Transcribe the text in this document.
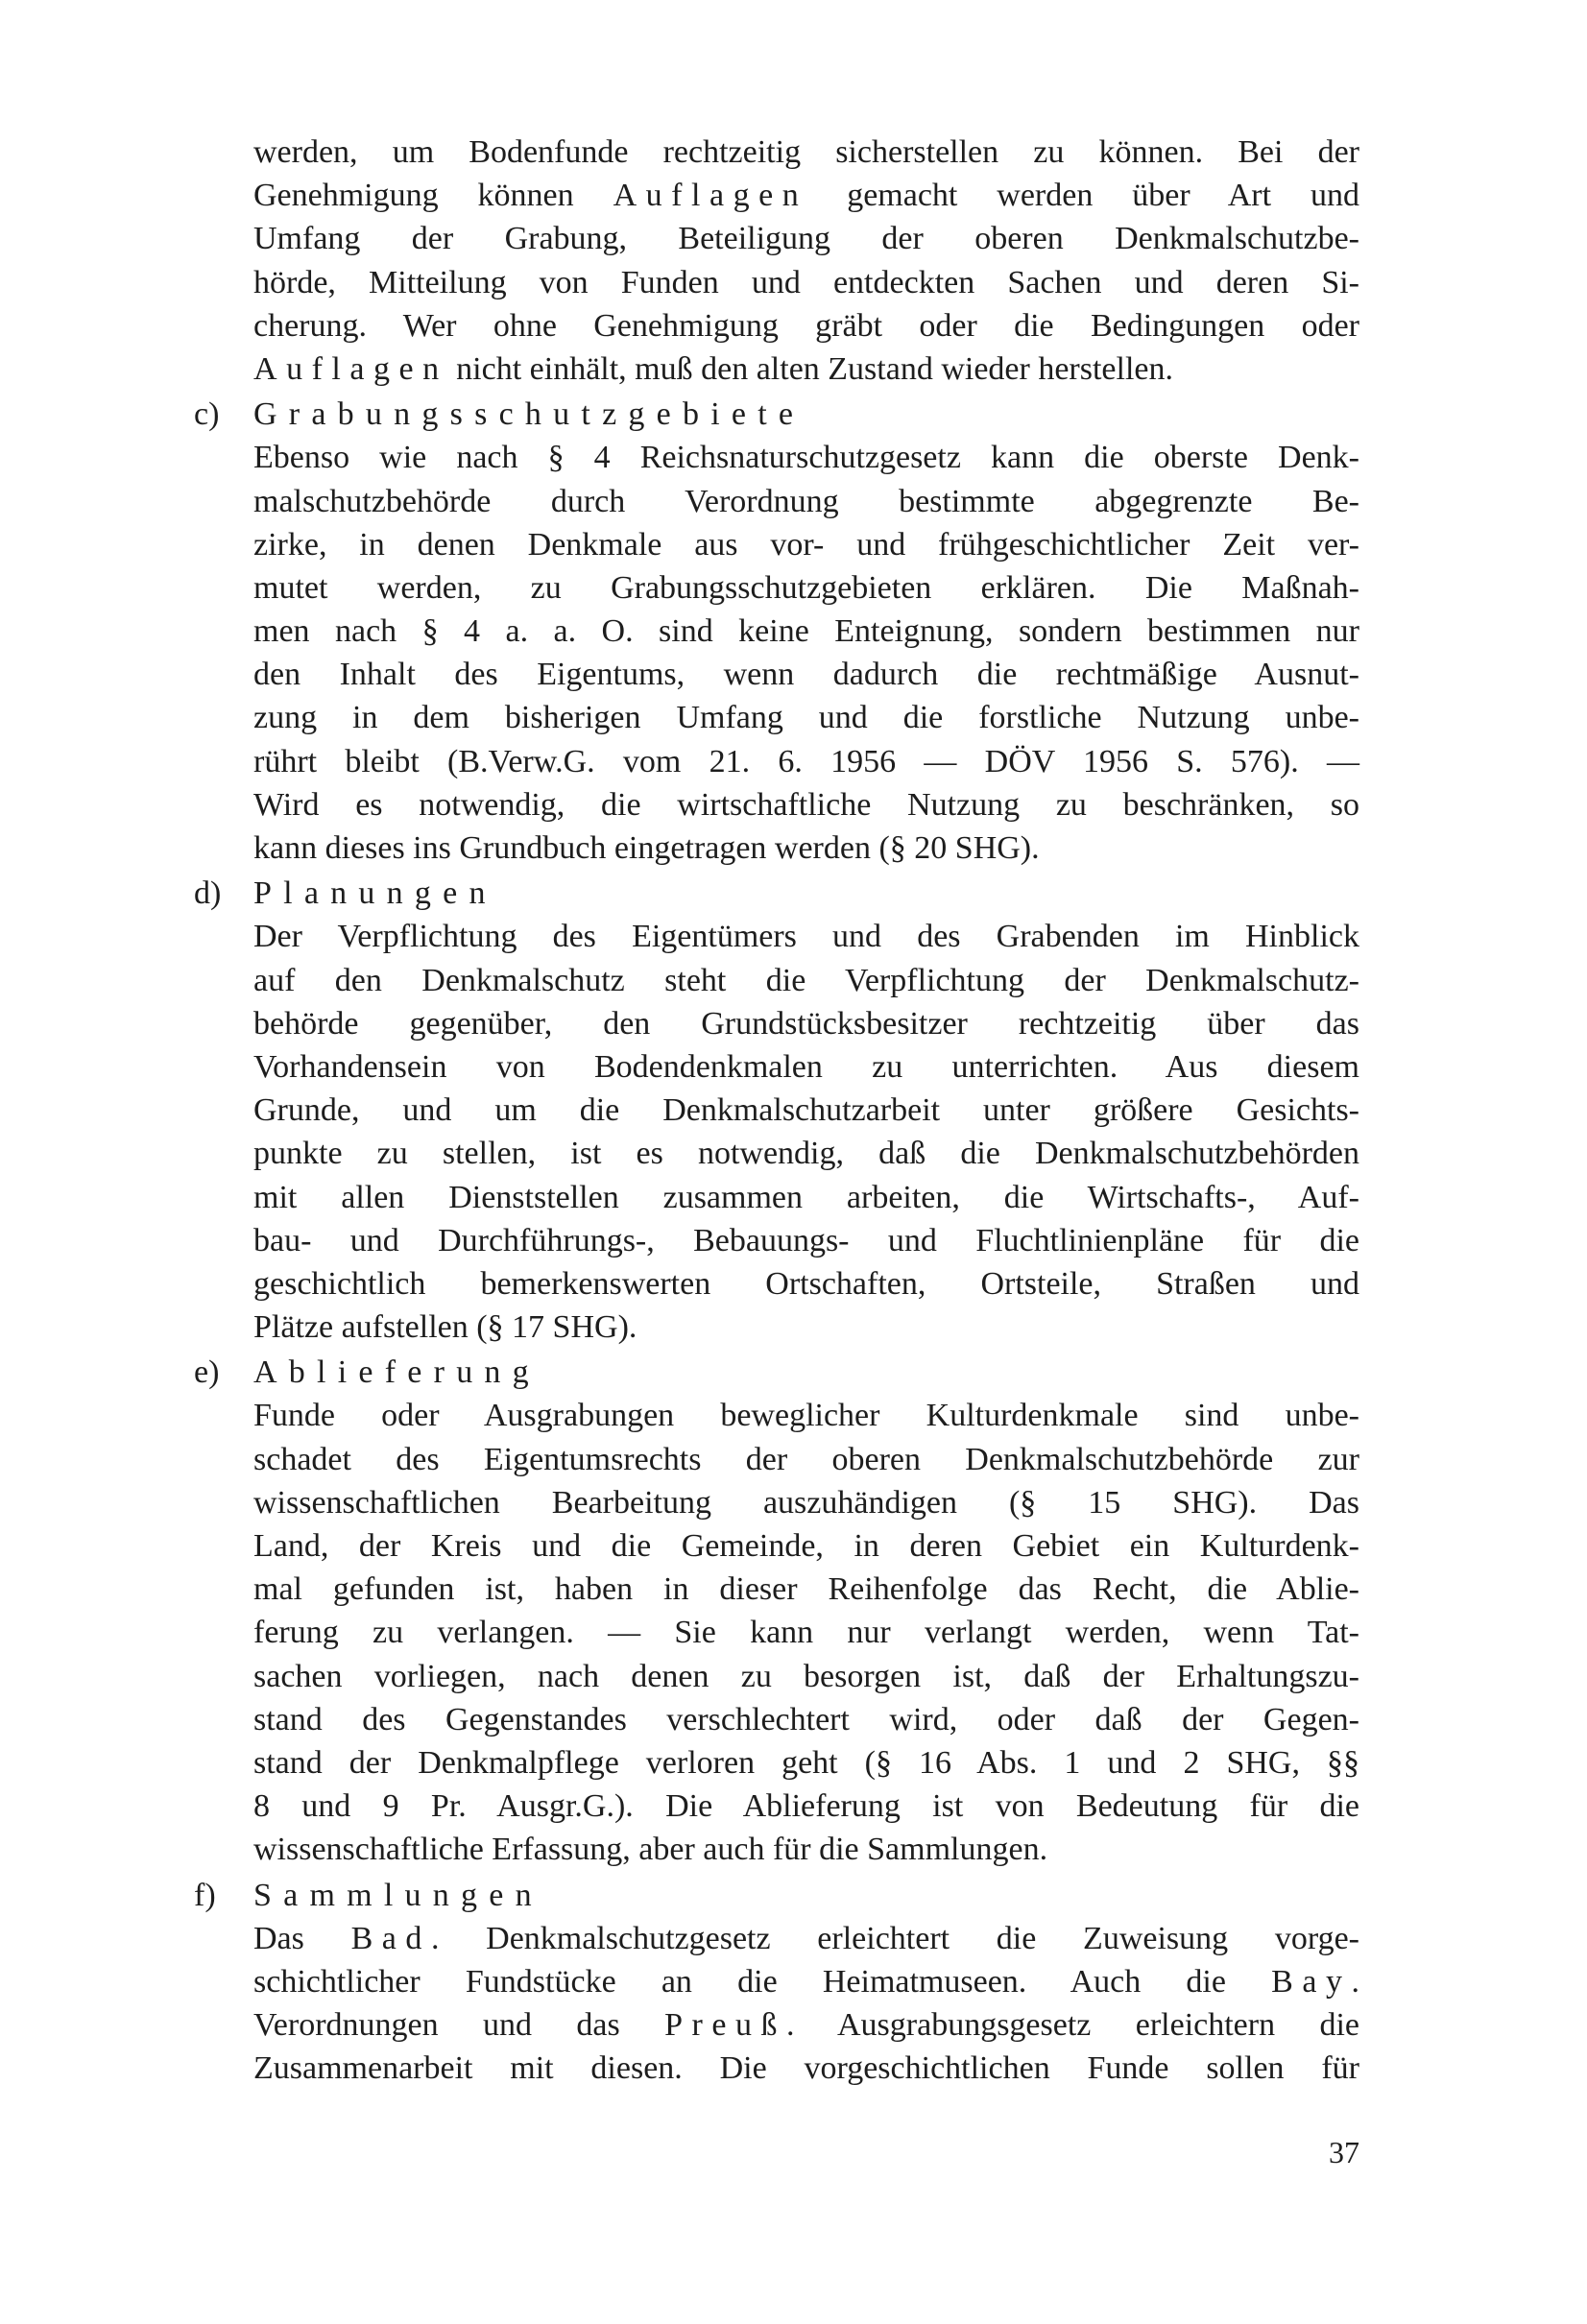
werden, um Bodenfunde rechtzeitig sicherstellen zu können. Bei der
Genehmigung können Auflagen gemacht werden über Art und
Umfang der Grabung, Beteiligung der oberen Denkmalschutzbe-
hörde, Mitteilung von Funden und entdeckten Sachen und deren Si-
cherung. Wer ohne Genehmigung gräbt oder die Bedingungen oder
Auflagen nicht einhält, muß den alten Zustand wieder herstellen.
c)	Grabungsschutzgebiete
Ebenso wie nach § 4 Reichsnaturschutzgesetz kann die oberste Denk-
malschutzbehörde durch Verordnung bestimmte abgegrenzte Be-
zirke, in denen Denkmale aus vor- und frühgeschichtlicher Zeit ver-
mutet werden, zu Grabungsschutzgebieten erklären. Die Maßnah-
men nach § 4 a. a. O. sind keine Enteignung, sondern bestimmen nur
den Inhalt des Eigentums, wenn dadurch die rechtmäßige Ausnut-
zung in dem bisherigen Umfang und die forstliche Nutzung unbe-
rührt bleibt (B.Verw.G. vom 21. 6. 1956 — DÖV 1956 S. 576). —
Wird es notwendig, die wirtschaftliche Nutzung zu beschränken, so
kann dieses ins Grundbuch eingetragen werden (§ 20 SHG).
d) Planungen
Der Verpflichtung des Eigentümers und des Grabenden im Hinblick
auf den Denkmalschutz steht die Verpflichtung der Denkmalschutz-
behörde gegenüber, den Grundstücksbesitzer rechtzeitig über das
Vorhandensein von Bodendenkmalen zu unterrichten. Aus diesem
Grunde, und um die Denkmalschutzarbeit unter größere Gesichts-
punkte zu stellen, ist es notwendig, daß die Denkmalschutzbehörden
mit allen Dienststellen zusammen arbeiten, die Wirtschafts-, Auf-
bau- und Durchführungs-, Bebauungs- und Fluchtlinienpläne für die
geschichtlich bemerkenswerten Ortschaften, Ortsteile, Straßen und
Plätze aufstellen (§ 17 SHG).
e)	Ablieferung
Funde oder Ausgrabungen beweglicher Kulturdenkmale sind unbe-
schadet des Eigentumsrechts der oberen Denkmalschutzbehörde zur
wissenschaftlichen Bearbeitung auszuhändigen (§ 15 SHG). Das
Land, der Kreis und die Gemeinde, in deren Gebiet ein Kulturdenk-
mal gefunden ist, haben in dieser Reihenfolge das Recht, die Ablie-
ferung zu verlangen. — Sie kann nur verlangt werden, wenn Tat-
sachen vorliegen, nach denen zu besorgen ist, daß der Erhaltungszu-
stand des Gegenstandes verschlechtert wird, oder daß der Gegen-
stand der Denkmalpflege verloren geht (§ 16 Abs. 1 und 2 SHG, §§
8 und 9 Pr. Ausgr.G.). Die Ablieferung ist von Bedeutung für die
wissenschaftliche Erfassung, aber auch für die Sammlungen.
f)	Sammlungen
Das Bad. Denkmalschutzgesetz erleichtert die Zuweisung vorge-
schichtlicher Fundstücke an die Heimatmuseen. Auch die Bay.
Verordnungen und das Preuß. Ausgrabungsgesetz erleichtern die
Zusammenarbeit mit diesen. Die vorgeschichtlichen Funde sollen für
37
